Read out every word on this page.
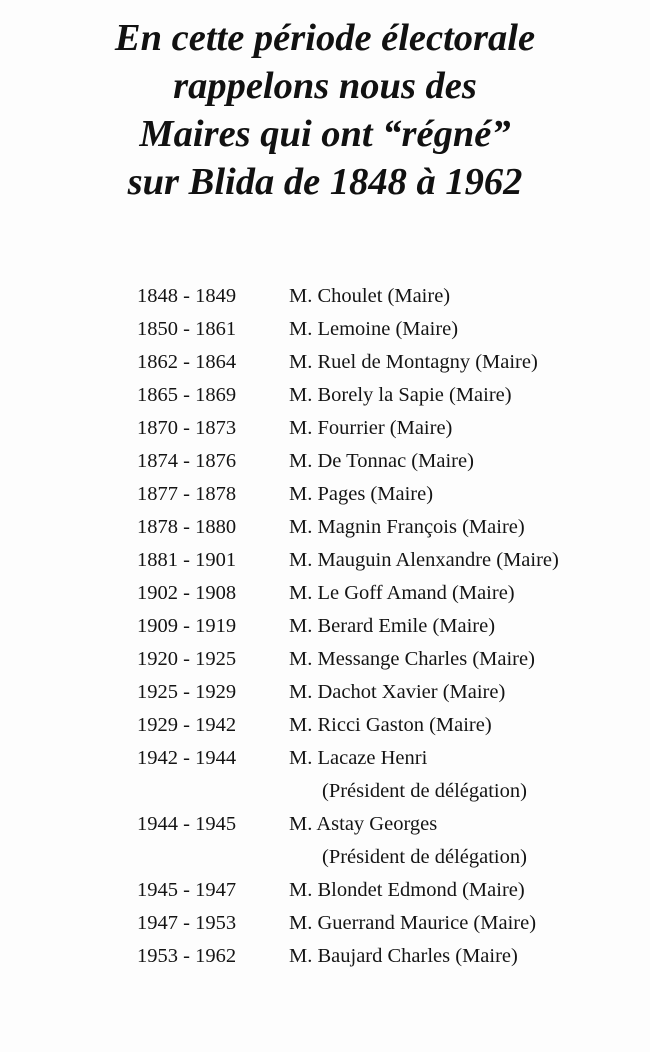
En cette période électorale
rappelons nous des
Maires qui ont “régné”
sur Blida de 1848 à 1962
1848 - 1849	M. Choulet (Maire)
1850 - 1861	M. Lemoine (Maire)
1862 - 1864	M. Ruel de Montagny (Maire)
1865 - 1869	M. Borely la Sapie (Maire)
1870 - 1873	M. Fourrier (Maire)
1874 - 1876	M. De Tonnac (Maire)
1877 - 1878	M. Pages (Maire)
1878 - 1880	M. Magnin François (Maire)
1881 - 1901	M. Mauguin Alenxandre (Maire)
1902 - 1908	M. Le Goff Amand (Maire)
1909 - 1919	M. Berard Emile (Maire)
1920 - 1925	M. Messange Charles (Maire)
1925 - 1929	M. Dachot Xavier (Maire)
1929 - 1942	M. Ricci Gaston (Maire)
1942 - 1944	M. Lacaze Henri
(Président de délégation)
1944 - 1945	M. Astay Georges
(Président de délégation)
1945 - 1947	M. Blondet Edmond (Maire)
1947 - 1953	M. Guerrand Maurice (Maire)
1953 - 1962	M. Baujard Charles (Maire)
